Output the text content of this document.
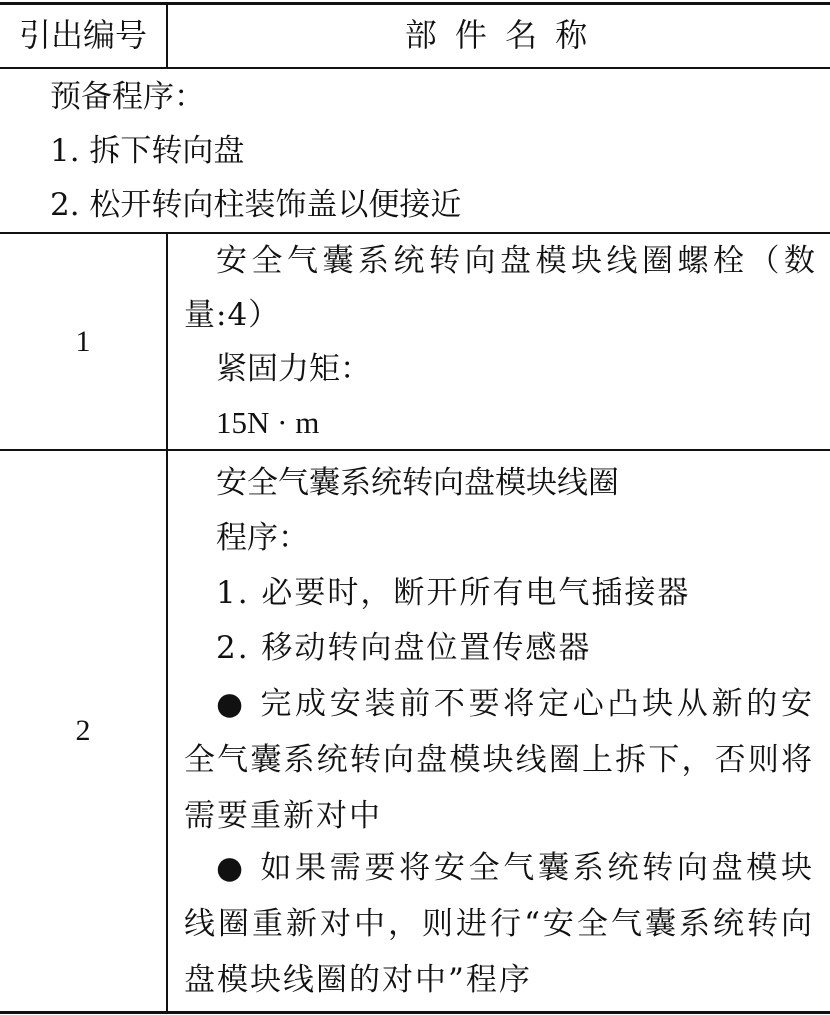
引出编号	部 件 名 称
预备程序：
1. 拆下转向盘
2. 松开转向柱装饰盖以便接近
1
安全气囊系统转向盘模块线圈螺栓（数量:4）
紧固力矩：
15N · m
2
安全气囊系统转向盘模块线圈
程序：
1. 必要时，断开所有电气插接器
2. 移动转向盘位置传感器
● 完成安装前不要将定心凸块从新的安全气囊系统转向盘模块线圈上拆下，否则将需要重新对中
● 如果需要将安全气囊系统转向盘模块线圈重新对中，则进行“安全气囊系统转向盘模块线圈的对中”程序
